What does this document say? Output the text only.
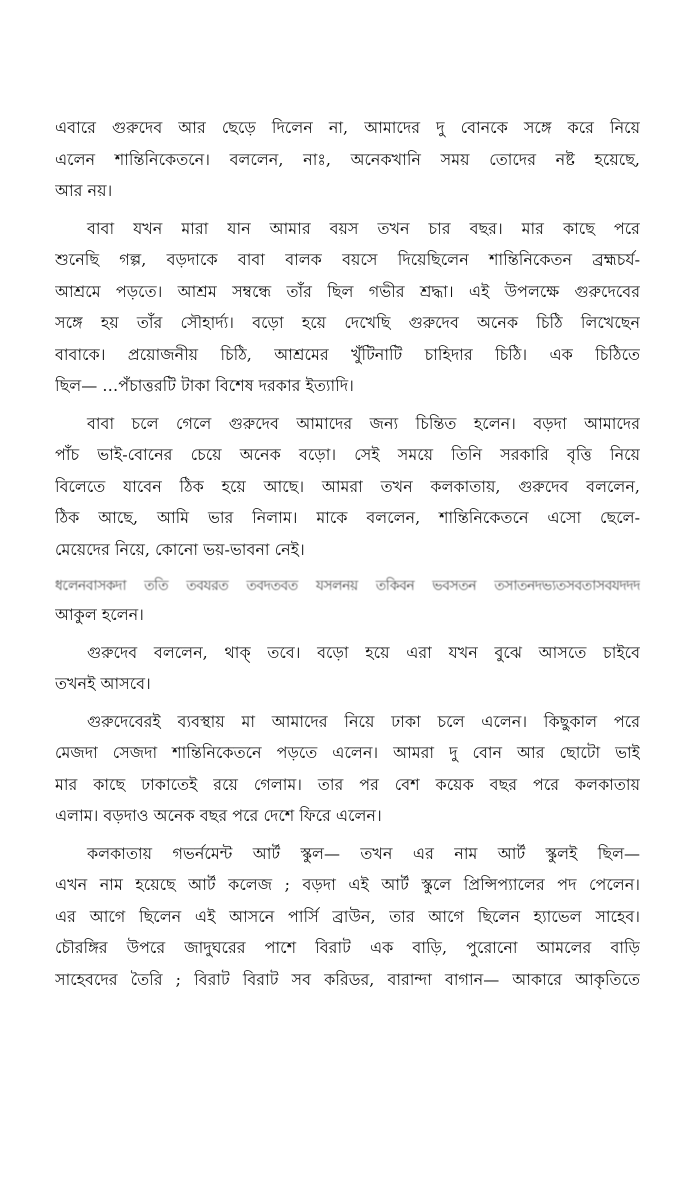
এবারে গুরুদেব আর ছেড়ে দিলেন না, আমাদের দু বোনকে সঙ্গে করে নিয়ে
এলেন শান্তিনিকেতনে। বললেন, নাঃ, অনেকখানি সময় তোদের নষ্ট হয়েছে,
আর নয়।
বাবা যখন মারা যান আমার বয়স তখন চার বছর। মার কাছে পরে
শুনেছি গল্প, বড়দাকে বাবা বালক বয়সে দিয়েছিলেন শান্তিনিকেতন ব্রহ্মচর্য-
আশ্রমে পড়তে। আশ্রম সম্বন্ধে তাঁর ছিল গভীর শ্রদ্ধা। এই উপলক্ষে গুরুদেবের
সঙ্গে হয় তাঁর সৌহার্দ্য। বড়ো হয়ে দেখেছি গুরুদেব অনেক চিঠি লিখেছেন
বাবাকে। প্রয়োজনীয় চিঠি, আশ্রমের খুঁটিনাটি চাহিদার চিঠি। এক চিঠিতে
ছিল— …পঁচাত্তরটি টাকা বিশেষ দরকার ইত্যাদি।
বাবা চলে গেলে গুরুদেব আমাদের জন্য চিন্তিত হলেন। বড়দা আমাদের
পাঁচ ভাই-বোনের চেয়ে অনেক বড়ো। সেই সময়ে তিনি সরকারি বৃত্তি নিয়ে
বিলেতে যাবেন ঠিক হয়ে আছে। আমরা তখন কলকাতায়, গুরুদেব বললেন,
ঠিক আছে, আমি ভার নিলাম। মাকে বললেন, শান্তিনিকেতনে এসো ছেলে-
মেয়েদের নিয়ে, কোনো ভয়-ভাবনা নেই।
ধলেনবাসকদা ততি তবযরত তবদতবত যসলনয় তকিবন ভবসতন তসাতনদভ্যতসবতাসবযদদদ
আকুল হলেন।
গুরুদেব বললেন, থাক্ তবে। বড়ো হয়ে এরা যখন বুঝে আসতে চাইবে
তখনই আসবে।
গুরুদেবেরই ব্যবস্থায় মা আমাদের নিয়ে ঢাকা চলে এলেন। কিছুকাল পরে
মেজদা সেজদা শান্তিনিকেতনে পড়তে এলেন। আমরা দু বোন আর ছোটো ভাই
মার কাছে ঢাকাতেই রয়ে গেলাম। তার পর বেশ কয়েক বছর পরে কলকাতায়
এলাম। বড়দাও অনেক বছর পরে দেশে ফিরে এলেন।
কলকাতায় গভর্নমেন্ট আর্ট স্কুল— তখন এর নাম আর্ট স্কুলই ছিল—
এখন নাম হয়েছে আর্ট কলেজ ; বড়দা এই আর্ট স্কুলে প্রিন্সিপ্যালের পদ পেলেন।
এর আগে ছিলেন এই আসনে পার্সি ব্রাউন, তার আগে ছিলেন হ্যাভেল সাহেব।
চৌরঙ্গির উপরে জাদুঘরের পাশে বিরাট এক বাড়ি, পুরোনো আমলের বাড়ি
সাহেবদের তৈরি ; বিরাট বিরাট সব করিডর, বারান্দা বাগান— আকারে আকৃতিতে
